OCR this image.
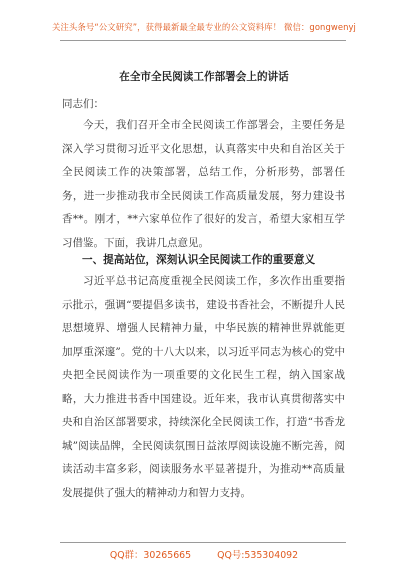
关注头条号“公文研究”，获得最新最全最专业的公文资料库！ 微信：gongwenyj
在全市全民阅读工作部署会上的讲话
同志们：

今天，我们召开全市全民阅读工作部署会，主要任务是深入学习贯彻习近平文化思想，认真落实中央和自治区关于全民阅读工作的决策部署，总结工作，分析形势，部署任务，进一步推动我市全民阅读工作高质量发展，努力建设书香**。刚才，**六家单位作了很好的发言，希望大家相互学习借鉴。下面，我讲几点意见。

一、提高站位，深刻认识全民阅读工作的重要意义

习近平总书记高度重视全民阅读工作，多次作出重要指示批示，强调“要提倡多读书，建设书香社会，不断提升人民思想境界、增强人民精神力量，中华民族的精神世界就能更加厚重深邃”。党的十八大以来，以习近平同志为核心的党中央把全民阅读作为一项重要的文化民生工程，纳入国家战略，大力推进书香中国建设。近年来，我市认真贯彻落实中央和自治区部署要求，持续深化全民阅读工作，打造“书香龙城”阅读品牌，全民阅读氛围日益浓厚阅读设施不断完善，阅读活动丰富多彩，阅读服务水平显著提升，为推动**高质量发展提供了强大的精神动力和智力支持。

QQ群：30265665	QQ号:535304092
